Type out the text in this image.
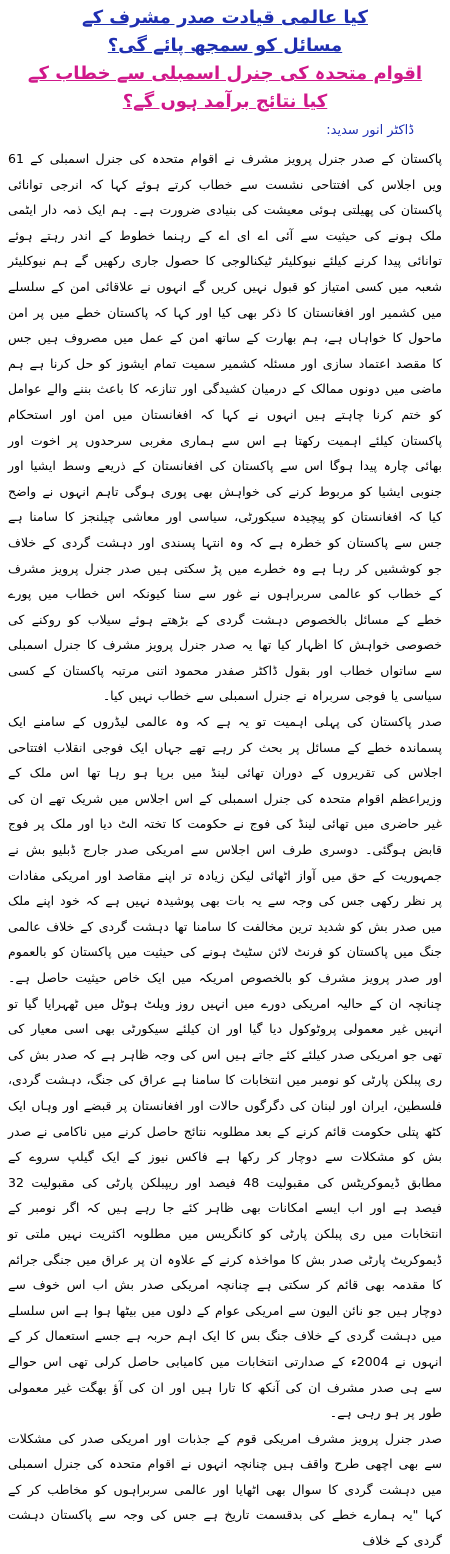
کیا عالمی قیادت صدر مشرف کے
مسائل کو سمجھ پائے گی؟
اقوام متحدہ کی جنرل اسمبلی سے خطاب کے
کیا نتائج برآمد ہوں گے؟
ڈاکٹر انور سدید:

پاکستان کے صدر جنرل پرویز مشرف نے اقوام متحدہ کی جنرل اسمبلی کے 61 ویں اجلاس کی افتتاحی نشست سے خطاب کرتے ہوئے کہا کہ انرجی توانائی پاکستان کی پھیلتی ہوئی معیشت کی بنیادی ضرورت ہے۔ ہم ایک ذمہ دار ایٹمی ملک ہونے کی حیثیت سے آئی اے ای اے کے رہنما خطوط کے اندر رہتے ہوئے توانائی پیدا کرنے کیلئے نیوکلیئر ٹیکنالوجی کا حصول جاری رکھیں گے ہم نیوکلیئر شعبہ میں کسی امتیاز کو قبول نہیں کریں گے انہوں نے علاقائی امن کے سلسلے میں کشمیر اور افغانستان کا ذکر بھی کیا اور کہا کہ پاکستان خطے میں پر امن ماحول کا خواہاں ہے، ہم بھارت کے ساتھ امن کے عمل میں مصروف ہیں جس کا مقصد اعتماد سازی اور مسئلہ کشمیر سمیت تمام ایشوز کو حل کرنا ہے ہم ماضی میں دونوں ممالک کے درمیان کشیدگی اور تنازعہ کا باعث بننے والے عوامل کو ختم کرنا چاہتے ہیں انہوں نے کہا کہ افغانستان میں امن اور استحکام پاکستان کیلئے اہمیت رکھتا ہے اس سے ہماری مغربی سرحدوں پر اخوت اور بھائی چارہ پیدا ہوگا اس سے پاکستان کی افغانستان کے ذریعے وسط ایشیا اور جنوبی ایشیا کو مربوط کرنے کی خواہش بھی پوری ہوگی تاہم انہوں نے واضح کیا کہ افغانستان کو پیچیدہ سیکورٹی، سیاسی اور معاشی چیلنجز کا سامنا ہے جس سے پاکستان کو خطرہ ہے کہ وہ انتہا پسندی اور دہشت گردی کے خلاف جو کوششیں کر رہا ہے وہ خطرے میں پڑ سکتی ہیں صدر جنرل پرویز مشرف کے خطاب کو عالمی سربراہوں نے غور سے سنا کیونکہ اس خطاب میں پورے خطے کے مسائل بالخصوص دہشت گردی کے بڑھتے ہوئے سیلاب کو روکنے کی خصوصی خواہش کا اظہار کیا تھا یہ صدر جنرل پرویز مشرف کا جنرل اسمبلی سے ساتواں خطاب اور بقول ڈاکٹر صفدر محمود اتنی مرتبہ پاکستان کے کسی سیاسی یا فوجی سربراہ نے جنرل اسمبلی سے خطاب نہیں کیا۔

صدر پاکستان کی پہلی اہمیت تو یہ ہے کہ وہ عالمی لیڈروں کے سامنے ایک پسماندہ خطے کے مسائل پر بحث کر رہے تھے جہاں ایک فوجی انقلاب افتتاحی اجلاس کی تقریروں کے دوران تھائی لینڈ میں برپا ہو رہا تھا اس ملک کے وزیراعظم اقوام متحدہ کی جنرل اسمبلی کے اس اجلاس میں شریک تھے ان کی غیر حاضری میں تھائی لینڈ کی فوج نے حکومت کا تختہ الٹ دیا اور ملک پر فوج قابض ہوگئی۔ دوسری طرف اس اجلاس سے امریکی صدر جارج ڈبلیو بش نے جمہوریت کے حق میں آواز اٹھائی لیکن زیادہ تر اپنے مقاصد اور امریکی مفادات پر نظر رکھی جس کی وجہ سے یہ بات بھی پوشیدہ نہیں ہے کہ خود اپنے ملک میں صدر بش کو شدید ترین مخالفت کا سامنا تھا دہشت گردی کے خلاف عالمی جنگ میں پاکستان کو فرنٹ لائن سٹیٹ ہونے کی حیثیت میں پاکستان کو بالعموم اور صدر پرویز مشرف کو بالخصوص امریکہ میں ایک خاص حیثیت حاصل ہے۔ چنانچہ ان کے حالیہ امریکی دورے میں انہیں روز ویلٹ ہوٹل میں ٹھہرایا گیا تو انہیں غیر معمولی پروٹوکول دیا گیا اور ان کیلئے سیکورٹی بھی اسی معیار کی تھی جو امریکی صدر کیلئے کئے جاتے ہیں اس کی وجہ ظاہر ہے کہ صدر بش کی ری پبلکن پارٹی کو نومبر میں انتخابات کا سامنا ہے عراق کی جنگ، دہشت گردی، فلسطین، ایران اور لبنان کی دگرگوں حالات اور افغانستان پر قبضے اور وہاں ایک کٹھ پتلی حکومت قائم کرنے کے بعد مطلوبہ نتائج حاصل کرنے میں ناکامی نے صدر بش کو مشکلات سے دوچار کر رکھا ہے فاکس نیوز کے ایک گیلپ سروے کے مطابق ڈیموکریٹس کی مقبولیت 48 فیصد اور ریپبلکن پارٹی کی مقبولیت 32 فیصد ہے اور اب ایسے امکانات بھی ظاہر کئے جا رہے ہیں کہ اگر نومبر کے انتخابات میں ری پبلکن پارٹی کو کانگریس میں مطلوبہ اکثریت نہیں ملتی تو ڈیموکریٹ پارٹی صدر بش کا مواخذہ کرنے کے علاوہ ان پر عراق میں جنگی جرائم کا مقدمہ بھی قائم کر سکتی ہے چنانچہ امریکی صدر بش اب اس خوف سے دوچار ہیں جو نائن الیون سے امریکی عوام کے دلوں میں بیٹھا ہوا ہے اس سلسلے میں دہشت گردی کے خلاف جنگ بس کا ایک اہم حربہ ہے جسے استعمال کر کے انہوں نے 2004ء کے صدارتی انتخابات میں کامیابی حاصل کرلی تھی اس حوالے سے ہی صدر مشرف ان کی آنکھ کا تارا ہیں اور ان کی آؤ بھگت غیر معمولی طور پر ہو رہی ہے۔

صدر جنرل پرویز مشرف امریکی قوم کے جذبات اور امریکی صدر کی مشکلات سے بھی اچھی طرح واقف ہیں چنانچہ انہوں نے اقوام متحدہ کی جنرل اسمبلی میں دہشت گردی کا سوال بھی اٹھایا اور عالمی سربراہوں کو مخاطب کر کے کہا "یہ ہمارے خطے کی بدقسمت تاریخ ہے جس کی وجہ سے پاکستان دہشت گردی کے خلاف
